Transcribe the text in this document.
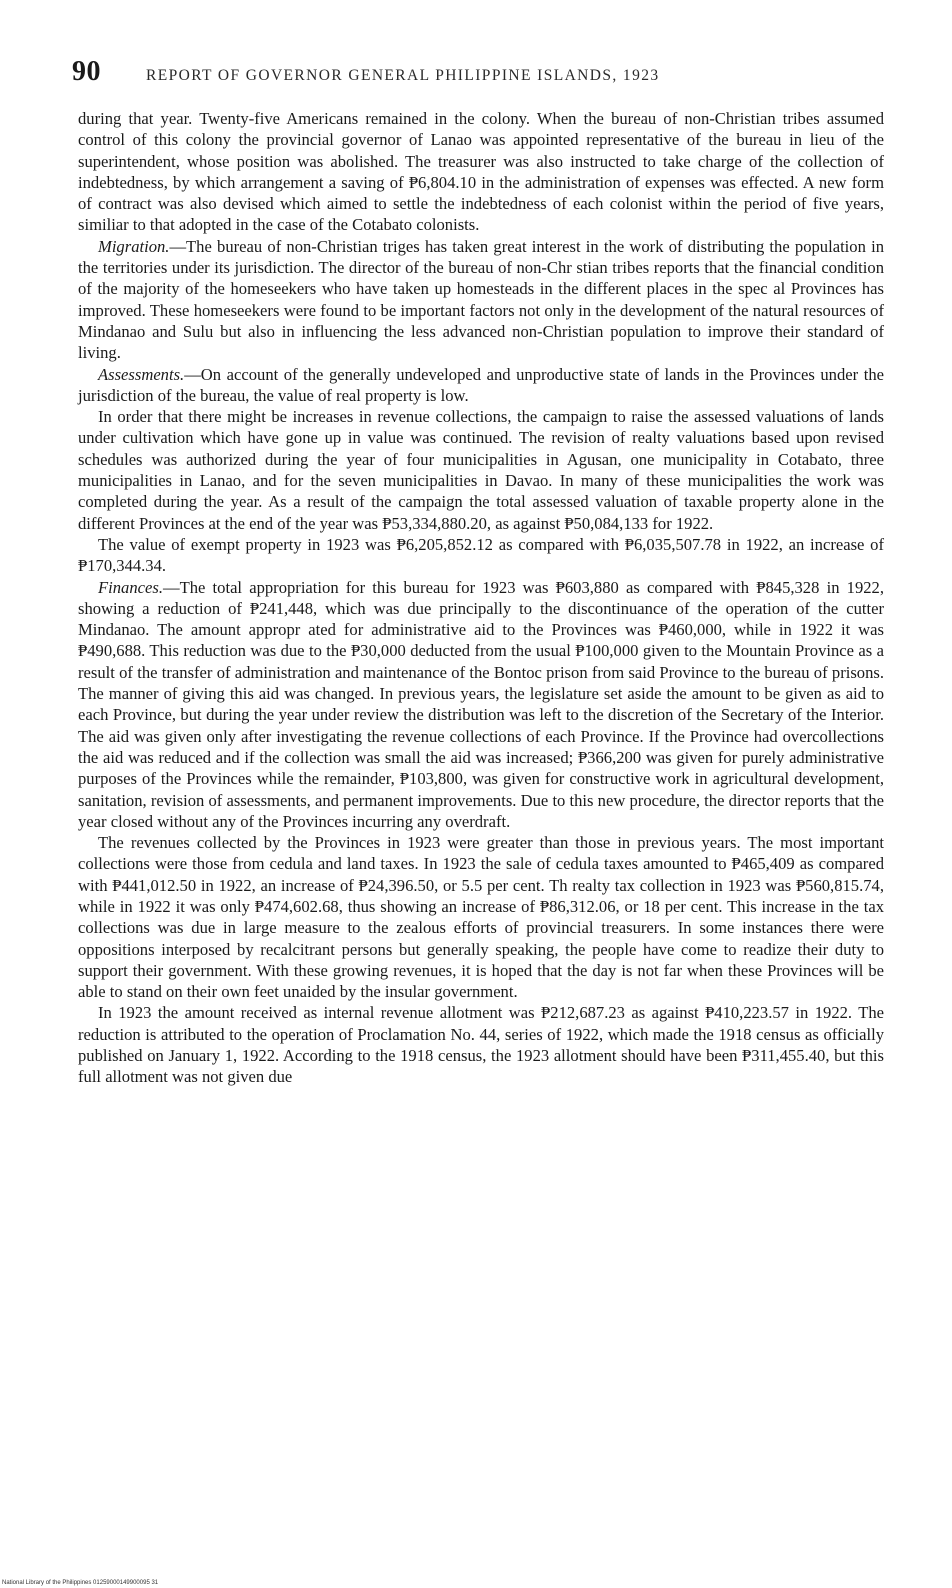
90	REPORT OF GOVERNOR GENERAL PHILIPPINE ISLANDS, 1923

during that year. Twenty-five Americans remained in the colony. When the bureau of non-Christian tribes assumed control of this colony the provincial governor of Lanao was appointed representative of the bureau in lieu of the superintendent, whose position was abolished. The treasurer was also instructed to take charge of the collection of indebtedness, by which arrangement a saving of ₱6,804.10 in the administration of expenses was effected. A new form of contract was also devised which aimed to settle the indebtedness of each colonist within the period of five years, similiar to that adopted in the case of the Cotabato colonists.

Migration.—The bureau of non-Christian triges has taken great interest in the work of distributing the population in the territories under its jurisdiction. The director of the bureau of non-Chr stian tribes reports that the financial condition of the majority of the homeseekers who have taken up homesteads in the different places in the spec al Provinces has improved. These homeseekers were found to be important factors not only in the development of the natural resources of Mindanao and Sulu but also in influencing the less advanced non-Christian population to improve their standard of living.

Assessments.—On account of the generally undeveloped and unproductive state of lands in the Provinces under the jurisdiction of the bureau, the value of real property is low.

In order that there might be increases in revenue collections, the campaign to raise the assessed valuations of lands under cultivation which have gone up in value was continued. The revision of realty valuations based upon revised schedules was authorized during the year of four municipalities in Agusan, one municipality in Cotabato, three municipalities in Lanao, and for the seven municipalities in Davao. In many of these municipalities the work was completed during the year. As a result of the campaign the total assessed valuation of taxable property alone in the different Provinces at the end of the year was ₱53,334,880.20, as against ₱50,084,133 for 1922.

The value of exempt property in 1923 was ₱6,205,852.12 as compared with ₱6,035,507.78 in 1922, an increase of ₱170,344.34.

Finances.—The total appropriation for this bureau for 1923 was ₱603,880 as compared with ₱845,328 in 1922, showing a reduction of ₱241,448, which was due principally to the discontinuance of the operation of the cutter Mindanao. The amount appropr ated for administrative aid to the Provinces was ₱460,000, while in 1922 it was ₱490,688. This reduction was due to the ₱30,000 deducted from the usual ₱100,000 given to the Mountain Province as a result of the transfer of administration and maintenance of the Bontoc prison from said Province to the bureau of prisons. The manner of giving this aid was changed. In previous years, the legislature set aside the amount to be given as aid to each Province, but during the year under review the distribution was left to the discretion of the Secretary of the Interior. The aid was given only after investigating the revenue collections of each Province. If the Province had overcollections the aid was reduced and if the collection was small the aid was increased; ₱366,200 was given for purely administrative purposes of the Provinces while the remainder, ₱103,800, was given for constructive work in agricultural development, sanitation, revision of assessments, and permanent improvements. Due to this new procedure, the director reports that the year closed without any of the Provinces incurring any overdraft.

The revenues collected by the Provinces in 1923 were greater than those in previous years. The most important collections were those from cedula and land taxes. In 1923 the sale of cedula taxes amounted to ₱465,409 as compared with ₱441,012.50 in 1922, an increase of ₱24,396.50, or 5.5 per cent. Th realty tax collection in 1923 was ₱560,815.74, while in 1922 it was only ₱474,602.68, thus showing an increase of ₱86,312.06, or 18 per cent. This increase in the tax collections was due in large measure to the zealous efforts of provincial treasurers. In some instances there were oppositions interposed by recalcitrant persons but generally speaking, the people have come to readize their duty to support their government. With these growing revenues, it is hoped that the day is not far when these Provinces will be able to stand on their own feet unaided by the insular government.

In 1923 the amount received as internal revenue allotment was ₱212,687.23 as against ₱410,223.57 in 1922. The reduction is attributed to the operation of Proclamation No. 44, series of 1922, which made the 1918 census as officially published on January 1, 1922. According to the 1918 census, the 1923 allotment should have been ₱311,455.40, but this full allotment was not given due

National Library of the Philippines 01259000149900095 31
